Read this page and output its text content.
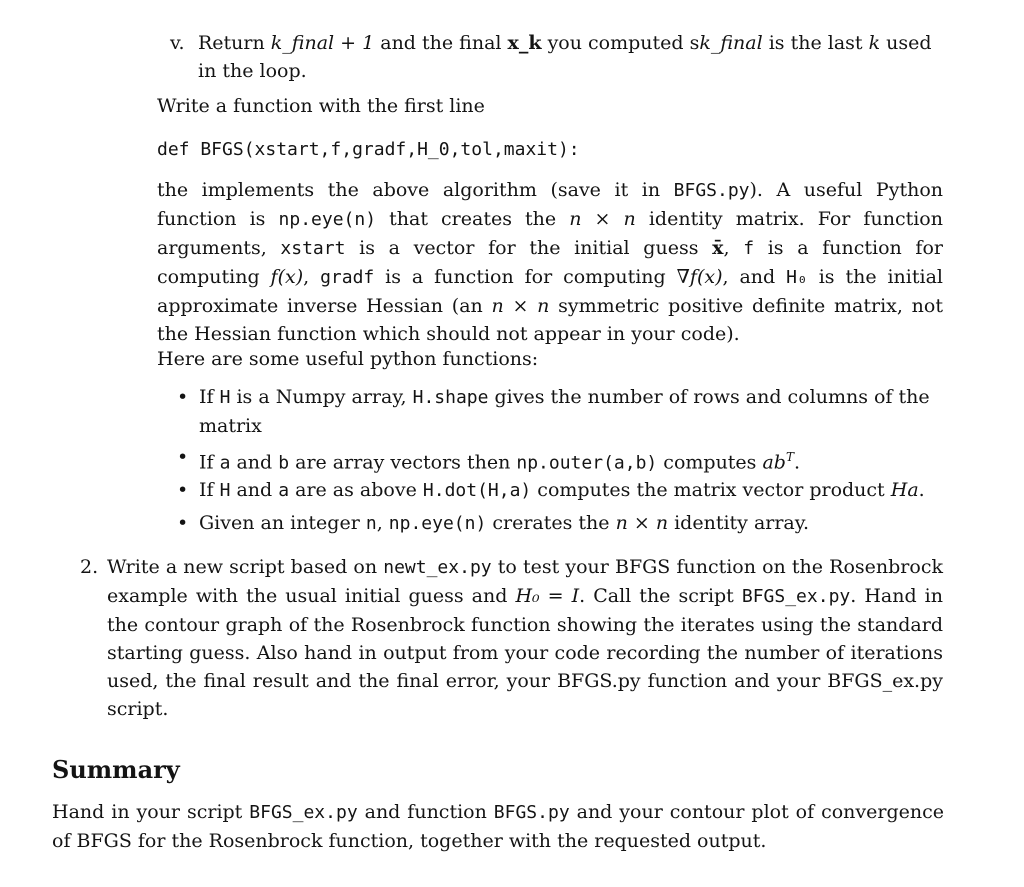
v. Return k_final + 1 and the final x_k you computed sk_final is the last k used in the loop.
Write a function with the first line
def BFGS(xstart,f,gradf,H_0,tol,maxit):
the implements the above algorithm (save it in BFGS.py). A useful Python function is np.eye(n) that creates the n × n identity matrix. For function arguments, xstart is a vector for the initial guess x̄, f is a function for computing f(x), gradf is a function for computing ∇f(x), and H₀ is the initial approximate inverse Hessian (an n × n symmetric positive definite matrix, not the Hessian function which should not appear in your code).
Here are some useful python functions:
• If H is a Numpy array, H.shape gives the number of rows and columns of the matrix
• If a and b are array vectors then np.outer(a,b) computes $ab^T$.
• If H and a are as above H.dot(H,a) computes the matrix vector product Ha.
• Given an integer n, np.eye(n) crerates the n × n identity array.
2. Write a new script based on newt_ex.py to test your BFGS function on the Rosenbrock example with the usual initial guess and H₀ = I. Call the script BFGS_ex.py. Hand in the contour graph of the Rosenbrock function showing the iterates using the standard starting guess. Also hand in output from your code recording the number of iterations used, the final result and the final error, your BFGS.py function and your BFGS_ex.py script.
Summary
Hand in your script BFGS_ex.py and function BFGS.py and your contour plot of convergence of BFGS for the Rosenbrock function, together with the requested output.
